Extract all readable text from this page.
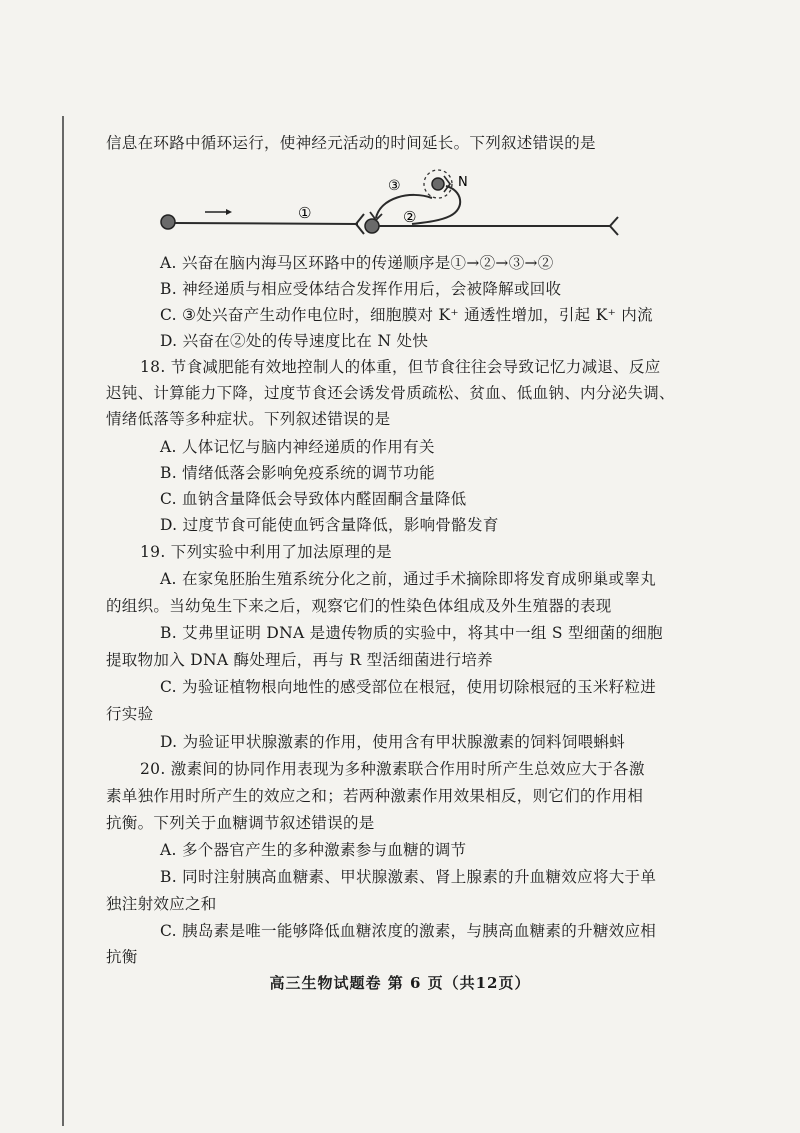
信息在环路中循环运行，使神经元活动的时间延长。下列叙述错误的是
①	②
③	N
A. 兴奋在脑内海马区环路中的传递顺序是①→②→③→②
B. 神经递质与相应受体结合发挥作用后，会被降解或回收
C. ③处兴奋产生动作电位时，细胞膜对 K⁺ 通透性增加，引起 K⁺ 内流
D. 兴奋在②处的传导速度比在 N 处快
18. 节食减肥能有效地控制人的体重，但节食往往会导致记忆力减退、反应
迟钝、计算能力下降，过度节食还会诱发骨质疏松、贫血、低血钠、内分泌失调、
情绪低落等多种症状。下列叙述错误的是
A. 人体记忆与脑内神经递质的作用有关
B. 情绪低落会影响免疫系统的调节功能
C. 血钠含量降低会导致体内醛固酮含量降低
D. 过度节食可能使血钙含量降低，影响骨骼发育
19. 下列实验中利用了加法原理的是
A. 在家兔胚胎生殖系统分化之前，通过手术摘除即将发育成卵巢或睾丸
的组织。当幼兔生下来之后，观察它们的性染色体组成及外生殖器的表现
B. 艾弗里证明 DNA 是遗传物质的实验中，将其中一组 S 型细菌的细胞
提取物加入 DNA 酶处理后，再与 R 型活细菌进行培养
C. 为验证植物根向地性的感受部位在根冠，使用切除根冠的玉米籽粒进
行实验
D. 为验证甲状腺激素的作用，使用含有甲状腺激素的饲料饲喂蝌蚪
20. 激素间的协同作用表现为多种激素联合作用时所产生总效应大于各激
素单独作用时所产生的效应之和；若两种激素作用效果相反，则它们的作用相
抗衡。下列关于血糖调节叙述错误的是
A. 多个器官产生的多种激素参与血糖的调节
B. 同时注射胰高血糖素、甲状腺激素、肾上腺素的升血糖效应将大于单
独注射效应之和
C. 胰岛素是唯一能够降低血糖浓度的激素，与胰高血糖素的升糖效应相
抗衡
高三生物试题卷 第 6 页（共12页）
